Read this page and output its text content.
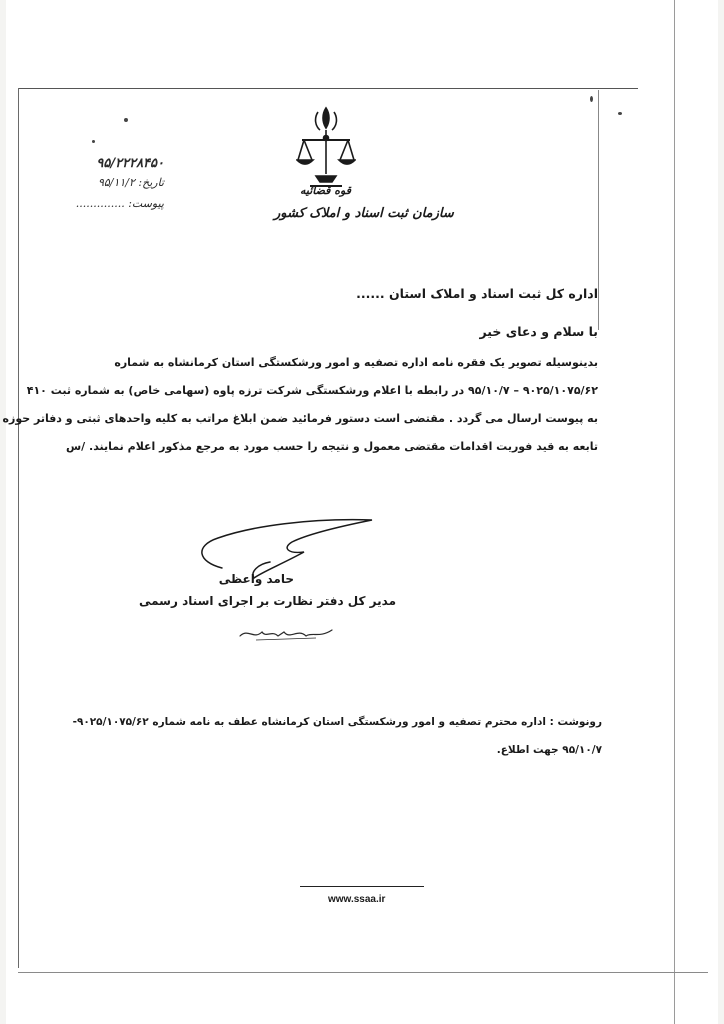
قوه قضائیه
سازمان ثبت اسناد و املاک کشور
۹۵/۲۲۲۸۴۵۰
تاریخ: ۹۵/۱۱/۲
پیوست: ..............
اداره کل ثبت اسناد و املاک استان ......
با سلام و دعای خیر
بدینوسیله تصویر یک فقره نامه اداره تصفیه و امور ورشکستگی استان کرمانشاه به شماره
۹۰۲۵/۱۰۷۵/۶۲ – ۹۵/۱۰/۷ در رابطه با اعلام ورشکستگی شرکت ترزه پاوه (سهامی خاص) به شماره ثبت ۴۱۰
به پیوست ارسال می گردد . مقتضی است دستور فرمائید ضمن ابلاغ مراتب به کلیه واحدهای ثبتی و دفاتر حوزه
تابعه به قید فوریت اقدامات مقتضی معمول و نتیجه را حسب مورد به مرجع مذکور اعلام نمایند. /س
حامد واعظی
مدیر کل دفتر نظارت بر اجرای اسناد رسمی
رونوشت : اداره محترم تصفیه و امور ورشکستگی استان کرمانشاه عطف به نامه شماره ۹۰۲۵/۱۰۷۵/۶۲-
۹۵/۱۰/۷ جهت اطلاع.
www.ssaa.ir
